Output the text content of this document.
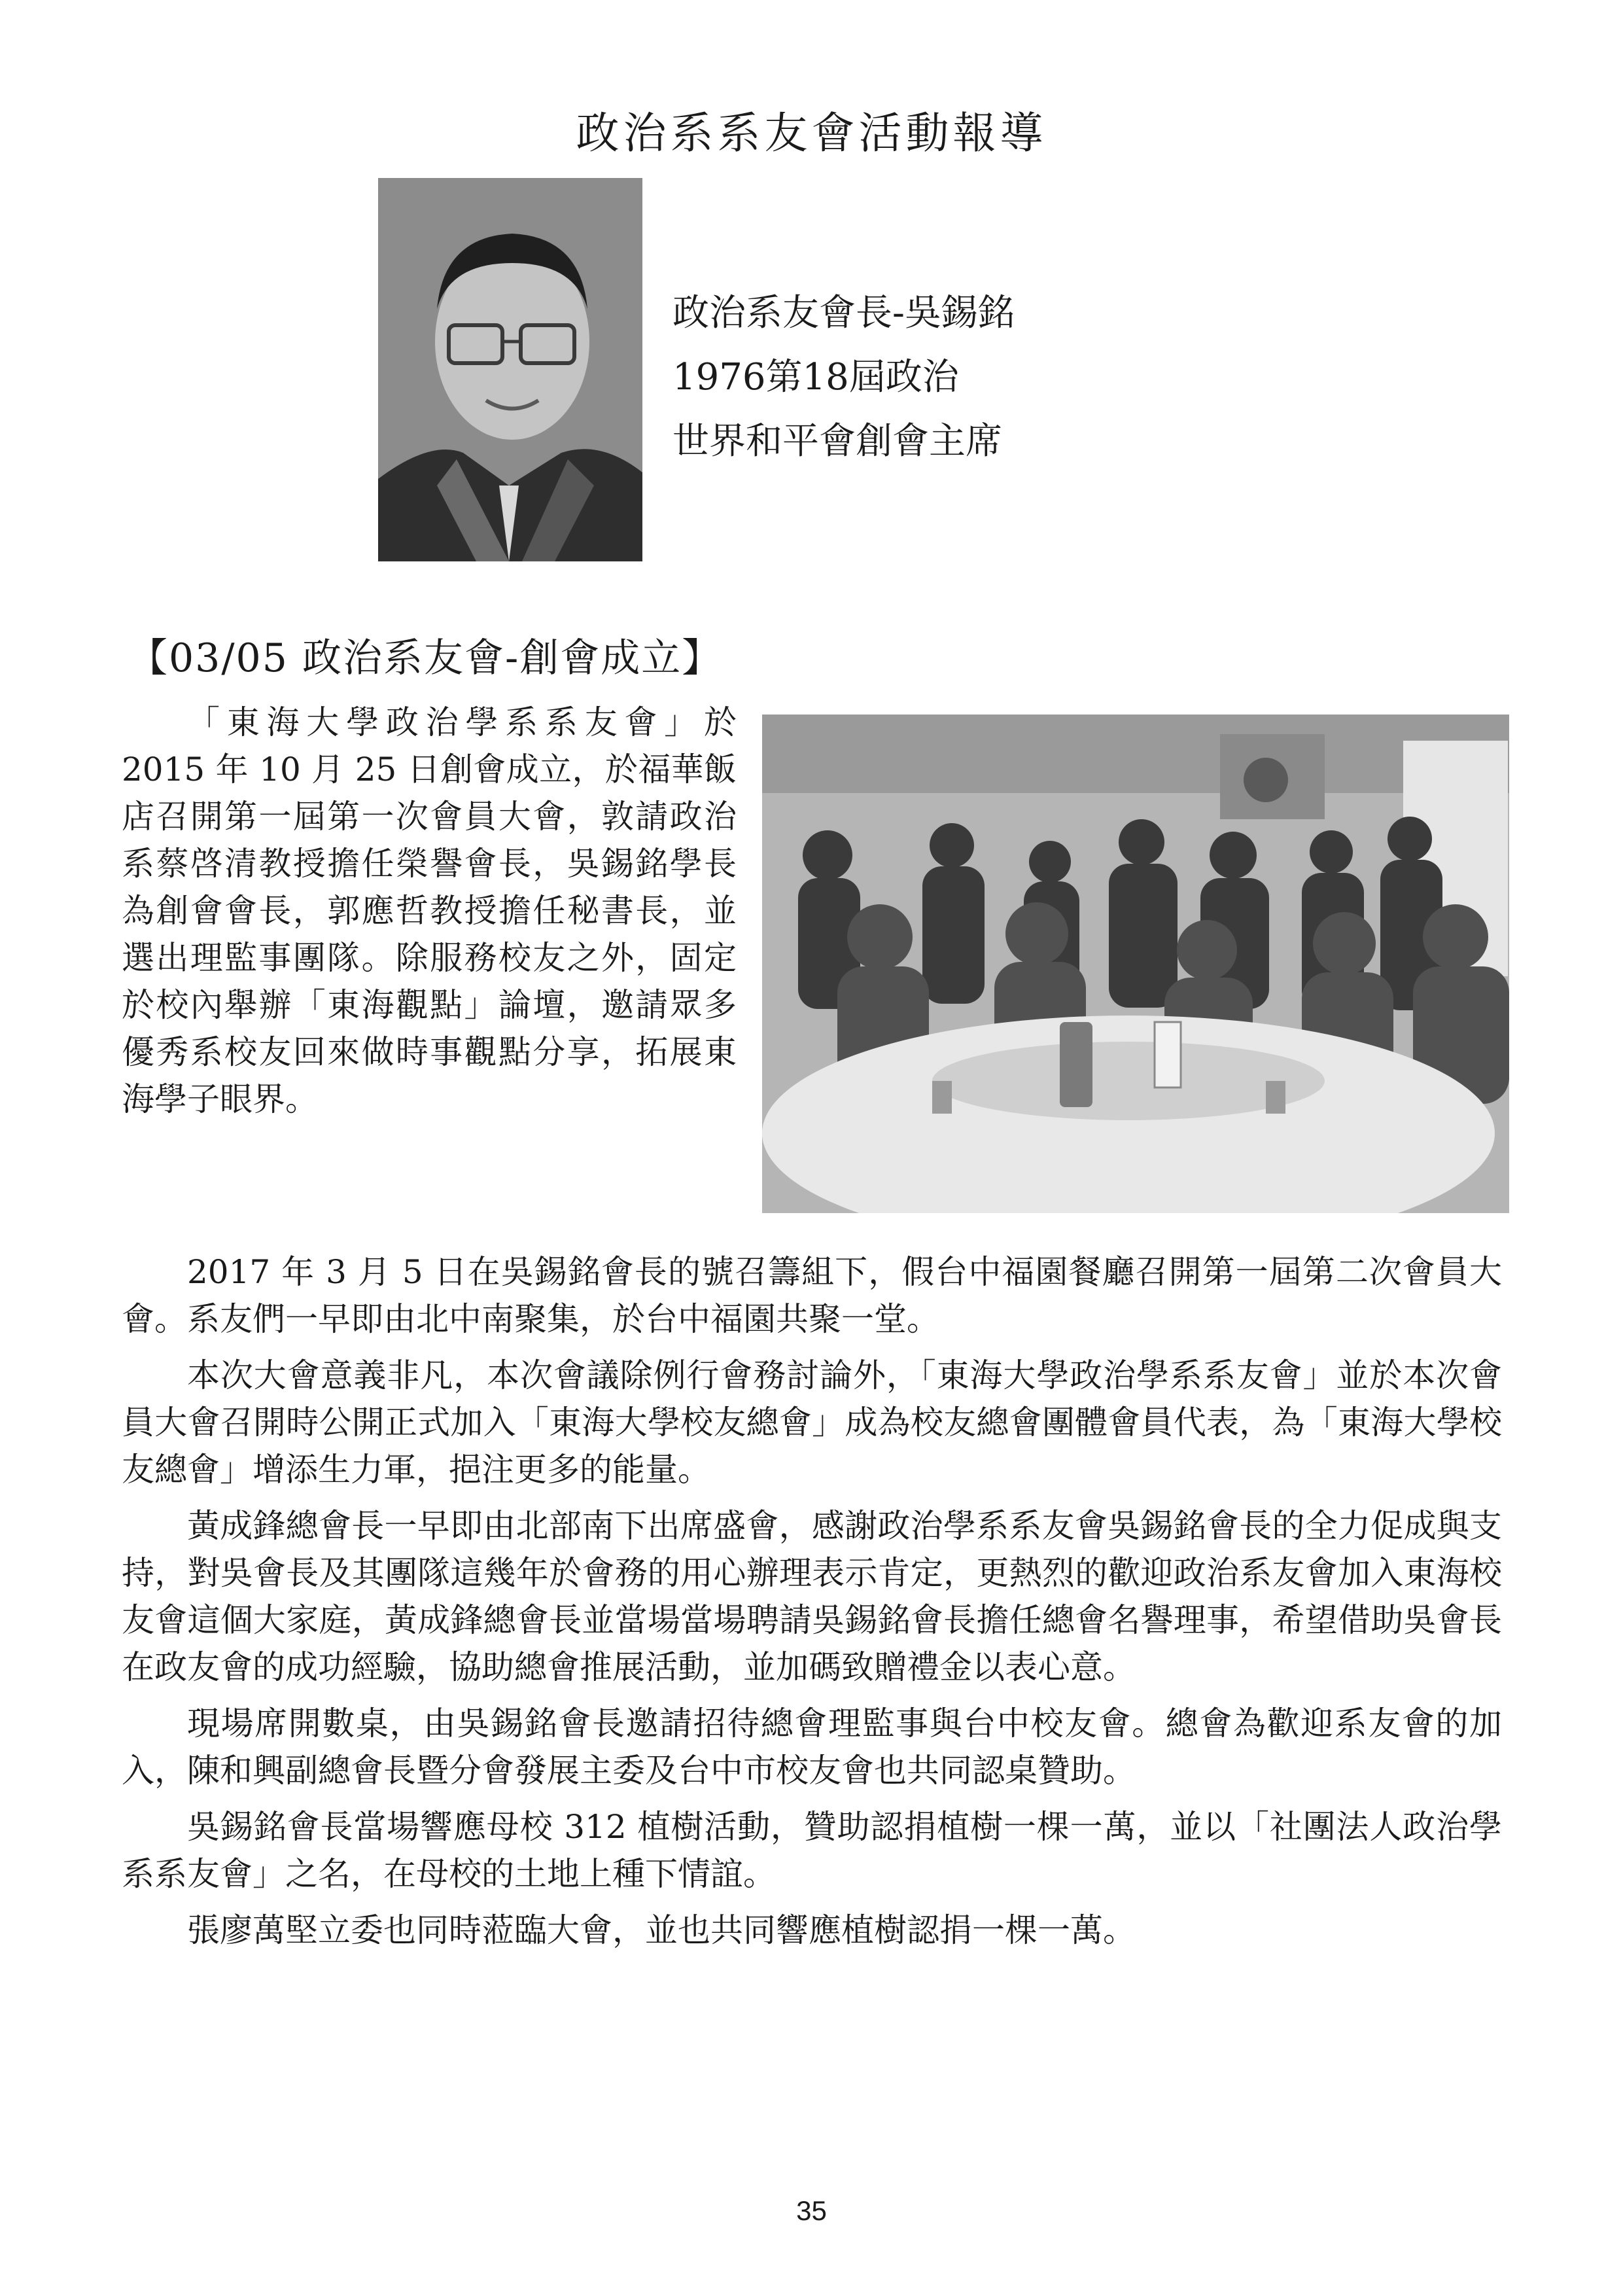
政治系系友會活動報導
政治系友會長-吳錫銘
1976第18屆政治
世界和平會創會主席
【03/05 政治系友會-創會成立】
「東海大學政治學系系友會」於 2015 年 10 月 25 日創會成立，於福華飯店召開第一屆第一次會員大會，敦請政治系蔡啓清教授擔任榮譽會長，吳錫銘學長為創會會長，郭應哲教授擔任秘書長，並選出理監事團隊。除服務校友之外，固定於校內舉辦「東海觀點」論壇，邀請眾多優秀系校友回來做時事觀點分享，拓展東海學子眼界。

2017 年 3 月 5 日在吳錫銘會長的號召籌組下，假台中福園餐廳召開第一屆第二次會員大會。系友們一早即由北中南聚集，於台中福園共聚一堂。

本次大會意義非凡，本次會議除例行會務討論外，「東海大學政治學系系友會」並於本次會員大會召開時公開正式加入「東海大學校友總會」成為校友總會團體會員代表，為「東海大學校友總會」增添生力軍，挹注更多的能量。

黃成鋒總會長一早即由北部南下出席盛會，感謝政治學系系友會吳錫銘會長的全力促成與支持，對吳會長及其團隊這幾年於會務的用心辦理表示肯定，更熱烈的歡迎政治系友會加入東海校友會這個大家庭，黃成鋒總會長並當場當場聘請吳錫銘會長擔任總會名譽理事，希望借助吳會長在政友會的成功經驗，協助總會推展活動，並加碼致贈禮金以表心意。

現場席開數桌，由吳錫銘會長邀請招待總會理監事與台中校友會。總會為歡迎系友會的加入，陳和興副總會長暨分會發展主委及台中市校友會也共同認桌贊助。

吳錫銘會長當場響應母校 312 植樹活動，贊助認捐植樹一棵一萬，並以「社團法人政治學系系友會」之名，在母校的土地上種下情誼。

張廖萬堅立委也同時蒞臨大會，並也共同響應植樹認捐一棵一萬。

35
